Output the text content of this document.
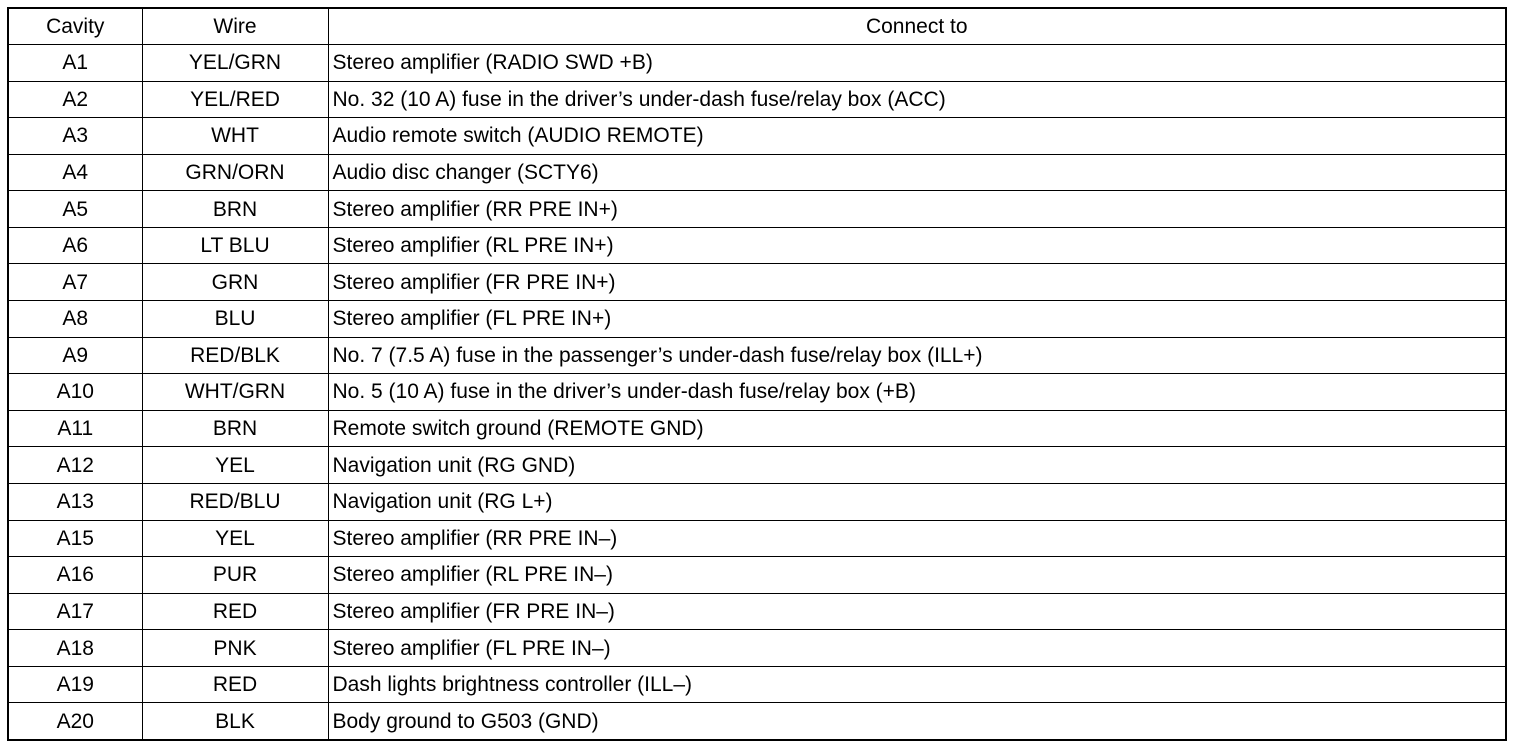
Cavity	Wire	Connect to
A1	YEL/GRN	Stereo amplifier (RADIO SWD +B)
A2	YEL/RED	No. 32 (10 A) fuse in the driver’s under-dash fuse/relay box (ACC)
A3	WHT	Audio remote switch (AUDIO REMOTE)
A4	GRN/ORN	Audio disc changer (SCTY6)
A5	BRN	Stereo amplifier (RR PRE IN+)
A6	LT BLU	Stereo amplifier (RL PRE IN+)
A7	GRN	Stereo amplifier (FR PRE IN+)
A8	BLU	Stereo amplifier (FL PRE IN+)
A9	RED/BLK	No. 7 (7.5 A) fuse in the passenger’s under-dash fuse/relay box (ILL+)
A10	WHT/GRN	No. 5 (10 A) fuse in the driver’s under-dash fuse/relay box (+B)
A11	BRN	Remote switch ground (REMOTE GND)
A12	YEL	Navigation unit (RG GND)
A13	RED/BLU	Navigation unit (RG L+)
A15	YEL	Stereo amplifier (RR PRE IN–)
A16	PUR	Stereo amplifier (RL PRE IN–)
A17	RED	Stereo amplifier (FR PRE IN–)
A18	PNK	Stereo amplifier (FL PRE IN–)
A19	RED	Dash lights brightness controller (ILL–)
A20	BLK	Body ground to G503 (GND)
